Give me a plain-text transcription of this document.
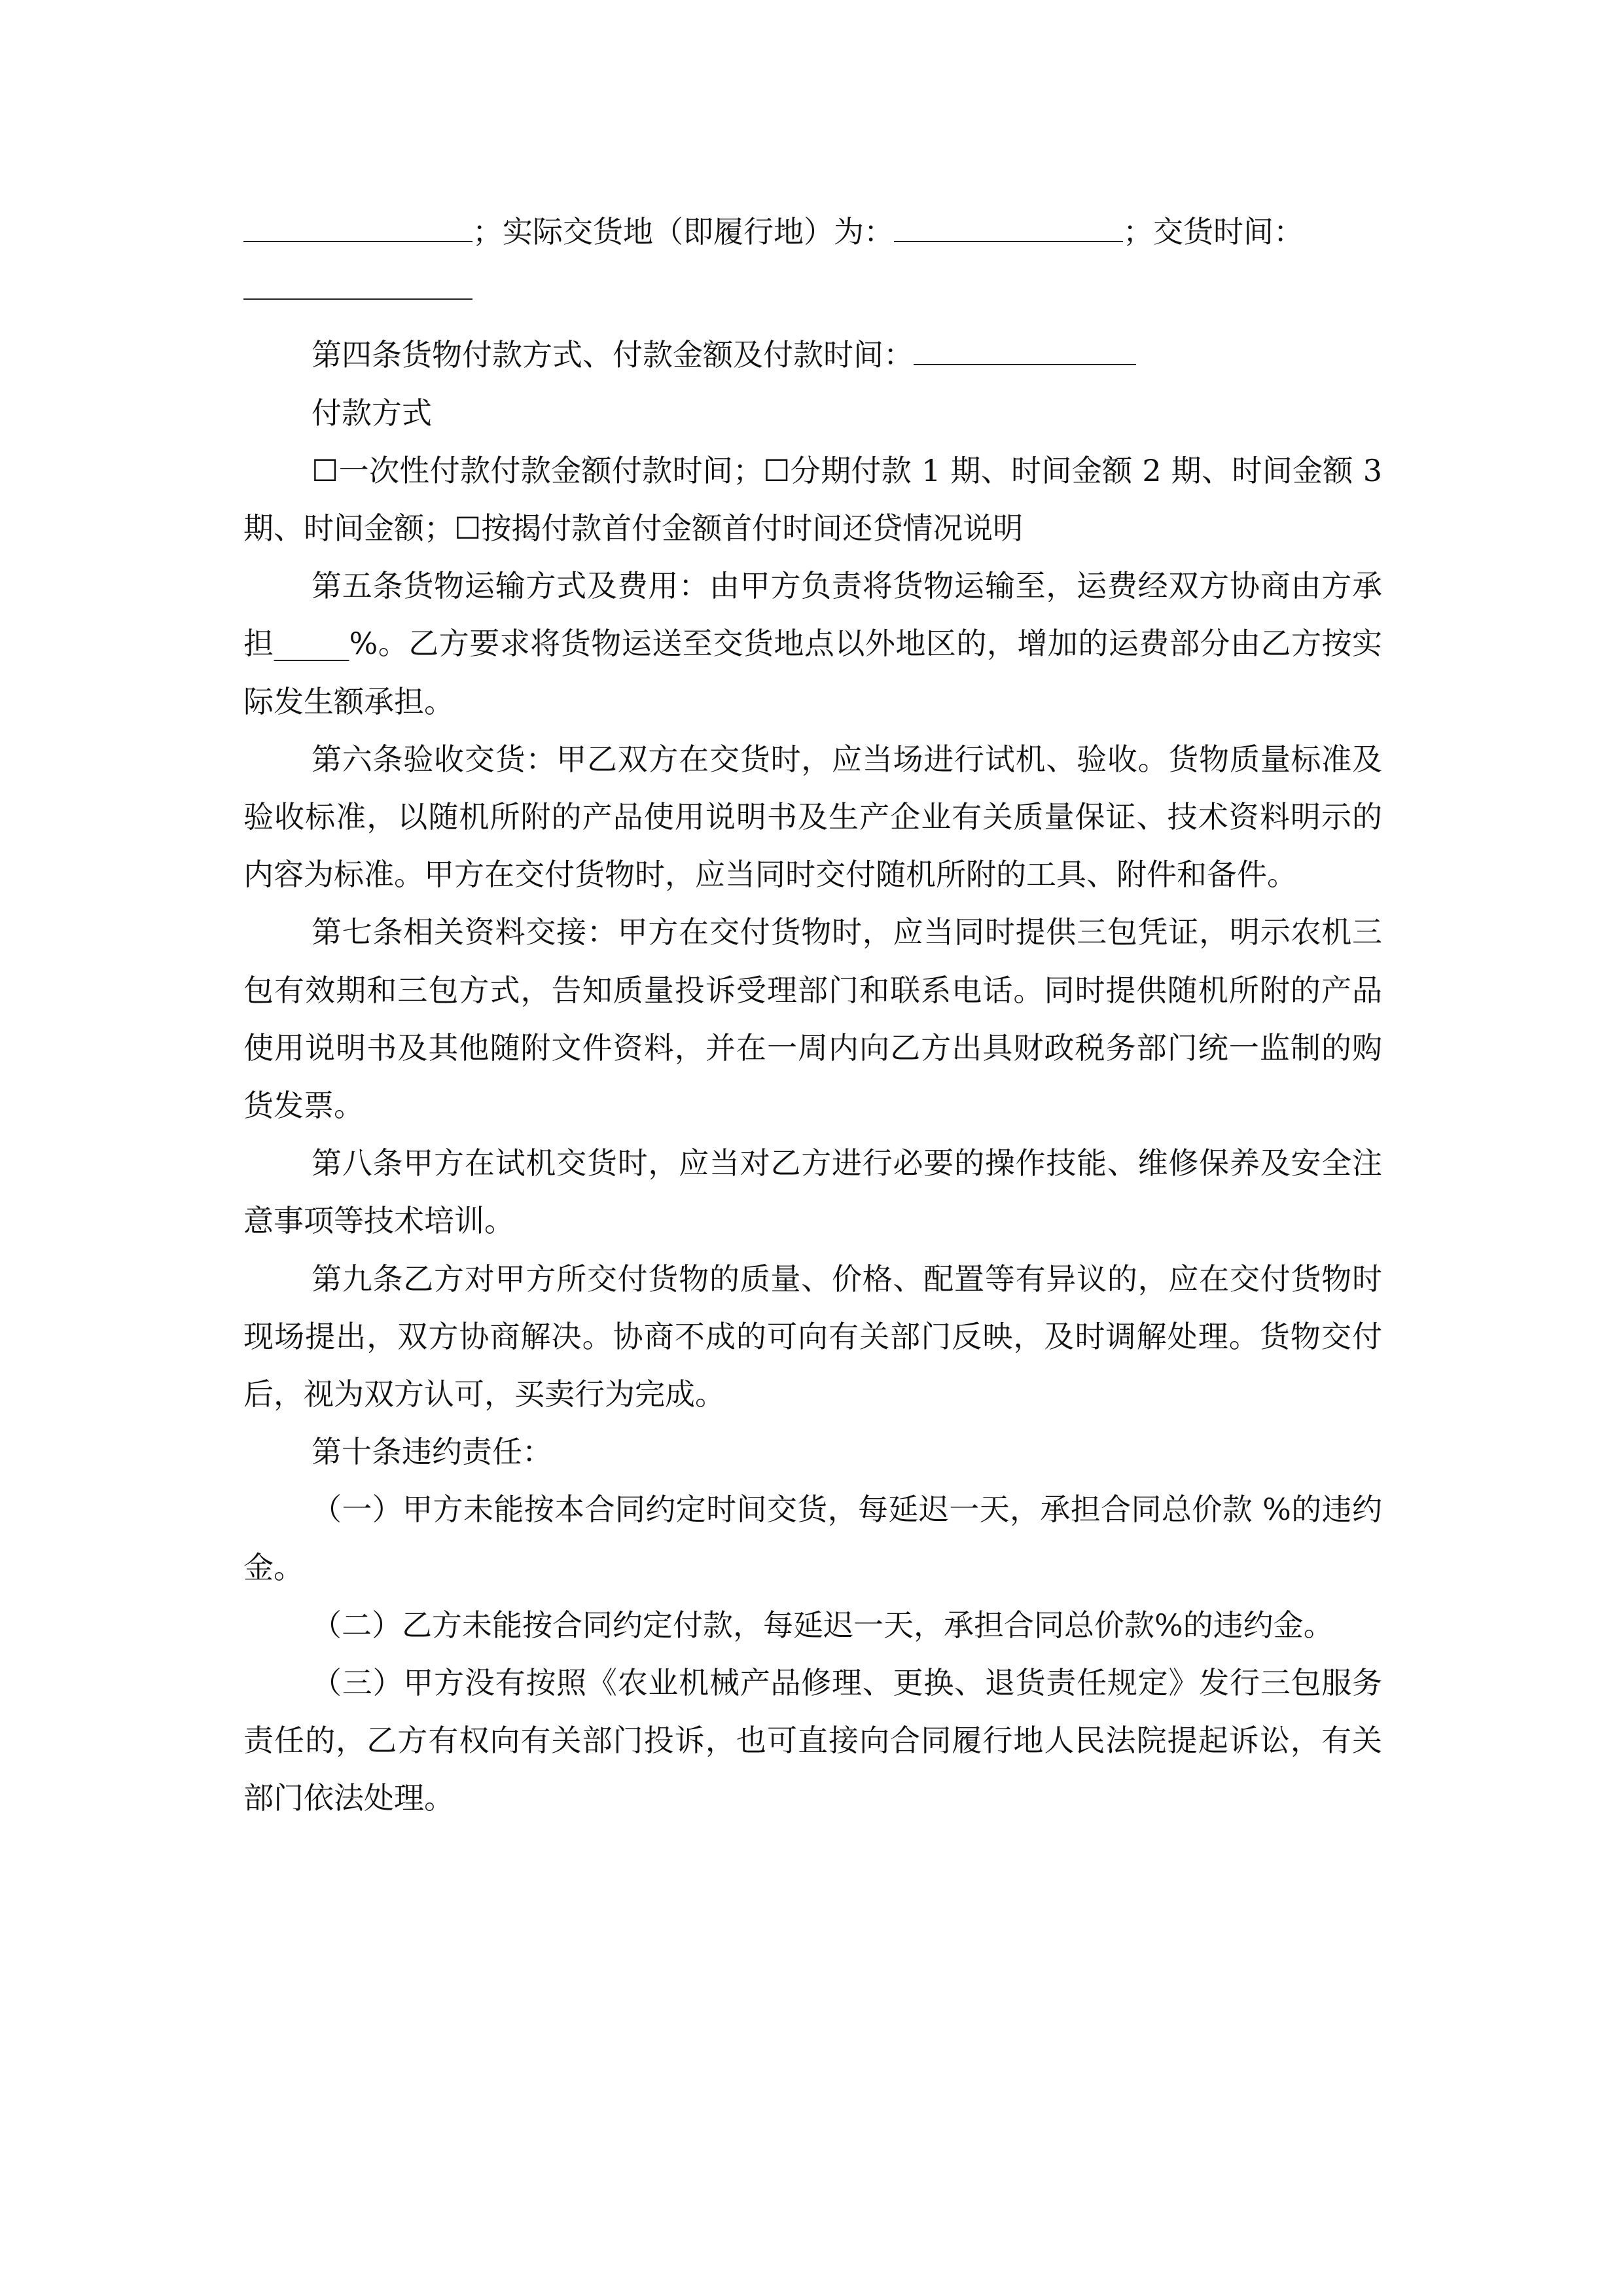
；实际交货地（即履行地）为：	；交货时间：

第四条货物付款方式、付款金额及付款时间：

付款方式

☐一次性付款付款金额付款时间；☐分期付款 1 期、时间金额 2 期、时间金额 3 期、时间金额；☐按揭付款首付金额首付时间还贷情况说明

第五条货物运输方式及费用：由甲方负责将货物运输至，运费经双方协商由方承担_____%。乙方要求将货物运送至交货地点以外地区的，增加的运费部分由乙方按实际发生额承担。

第六条验收交货：甲乙双方在交货时，应当场进行试机、验收。货物质量标准及验收标准，以随机所附的产品使用说明书及生产企业有关质量保证、技术资料明示的内容为标准。甲方在交付货物时，应当同时交付随机所附的工具、附件和备件。

第七条相关资料交接：甲方在交付货物时，应当同时提供三包凭证，明示农机三包有效期和三包方式，告知质量投诉受理部门和联系电话。同时提供随机所附的产品使用说明书及其他随附文件资料，并在一周内向乙方出具财政税务部门统一监制的购货发票。

第八条甲方在试机交货时，应当对乙方进行必要的操作技能、维修保养及安全注意事项等技术培训。

第九条乙方对甲方所交付货物的质量、价格、配置等有异议的，应在交付货物时现场提出，双方协商解决。协商不成的可向有关部门反映，及时调解处理。货物交付后，视为双方认可，买卖行为完成。

第十条违约责任：

（一）甲方未能按本合同约定时间交货，每延迟一天，承担合同总价款 %的违约金。

（二）乙方未能按合同约定付款，每延迟一天，承担合同总价款%的违约金。

（三）甲方没有按照《农业机械产品修理、更换、退货责任规定》发行三包服务责任的，乙方有权向有关部门投诉，也可直接向合同履行地人民法院提起诉讼，有关部门依法处理。
